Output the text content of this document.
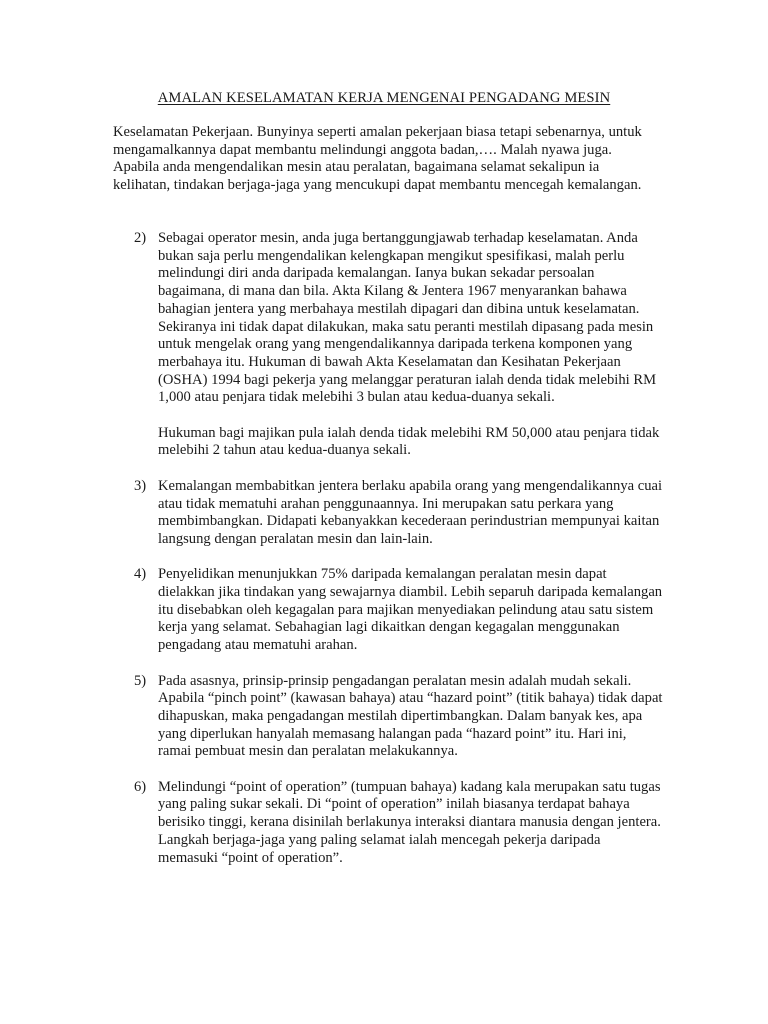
AMALAN KESELAMATAN KERJA MENGENAI PENGADANG MESIN

Keselamatan Pekerjaan. Bunyinya seperti amalan pekerjaan biasa tetapi sebenarnya, untuk mengamalkannya dapat membantu melindungi anggota badan,…. Malah nyawa juga. Apabila anda mengendalikan mesin atau peralatan, bagaimana selamat sekalipun ia kelihatan, tindakan berjaga-jaga yang mencukupi dapat membantu mencegah kemalangan.

2) Sebagai operator mesin, anda juga bertanggungjawab terhadap keselamatan. Anda bukan saja perlu mengendalikan kelengkapan mengikut spesifikasi, malah perlu melindungi diri anda daripada kemalangan. Ianya bukan sekadar persoalan bagaimana, di mana dan bila. Akta Kilang & Jentera 1967 menyarankan bahawa bahagian jentera yang merbahaya mestilah dipagari dan dibina untuk keselamatan. Sekiranya ini tidak dapat dilakukan, maka satu peranti mestilah dipasang pada mesin untuk mengelak orang yang mengendalikannya daripada terkena komponen yang merbahaya itu. Hukuman di bawah Akta Keselamatan dan Kesihatan Pekerjaan (OSHA) 1994 bagi pekerja yang melanggar peraturan ialah denda tidak melebihi RM 1,000 atau penjara tidak melebihi 3 bulan atau kedua-duanya sekali.

Hukuman bagi majikan pula ialah denda tidak melebihi RM 50,000 atau penjara tidak melebihi 2 tahun atau kedua-duanya sekali.

3) Kemalangan membabitkan jentera berlaku apabila orang yang mengendalikannya cuai atau tidak mematuhi arahan penggunaannya. Ini merupakan satu perkara yang membimbangkan. Didapati kebanyakkan kecederaan perindustrian mempunyai kaitan langsung dengan peralatan mesin dan lain-lain.

4) Penyelidikan menunjukkan 75% daripada kemalangan peralatan mesin dapat dielakkan jika tindakan yang sewajarnya diambil. Lebih separuh daripada kemalangan itu disebabkan oleh kegagalan para majikan menyediakan pelindung atau satu sistem kerja yang selamat. Sebahagian lagi dikaitkan dengan kegagalan menggunakan pengadang atau mematuhi arahan.

5) Pada asasnya, prinsip-prinsip pengadangan peralatan mesin adalah mudah sekali. Apabila “pinch point” (kawasan bahaya) atau “hazard point” (titik bahaya) tidak dapat dihapuskan, maka pengadangan mestilah dipertimbangkan. Dalam banyak kes, apa yang diperlukan hanyalah memasang halangan pada “hazard point” itu. Hari ini, ramai pembuat mesin dan peralatan melakukannya.

6) Melindungi “point of operation” (tumpuan bahaya) kadang kala merupakan satu tugas yang paling sukar sekali. Di “point of operation” inilah biasanya terdapat bahaya berisiko tinggi, kerana disinilah berlakunya interaksi diantara manusia dengan jentera. Langkah berjaga-jaga yang paling selamat ialah mencegah pekerja daripada memasuki “point of operation”.
